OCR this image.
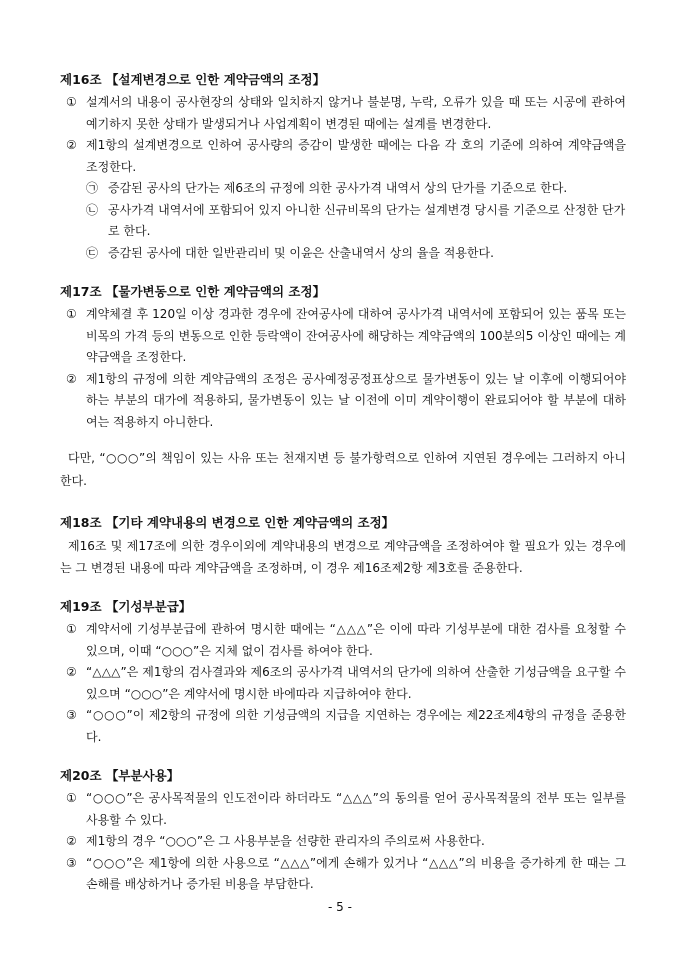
제16조 【설계변경으로 인한 계약금액의 조정】
① 설계서의 내용이 공사현장의 상태와 일치하지 않거나 불분명, 누락, 오류가 있을 때 또는 시공에 관하여 예기하지 못한 상태가 발생되거나 사업계획이 변경된 때에는 설계를 변경한다.
② 제1항의 설계변경으로 인하여 공사량의 증감이 발생한 때에는 다음 각 호의 기준에 의하여 계약금액을 조정한다.
㉠ 증감된 공사의 단가는 제6조의 규정에 의한 공사가격 내역서 상의 단가를 기준으로 한다.
㉡ 공사가격 내역서에 포함되어 있지 아니한 신규비목의 단가는 설계변경 당시를 기준으로 산정한 단가로 한다.
㉢ 증감된 공사에 대한 일반관리비 및 이윤은 산출내역서 상의 율을 적용한다.
제17조 【물가변동으로 인한 계약금액의 조정】
① 계약체결 후 120일 이상 경과한 경우에 잔여공사에 대하여 공사가격 내역서에 포함되어 있는 품목 또는 비목의 가격 등의 변동으로 인한 등락액이 잔여공사에 해당하는 계약금액의 100분의5 이상인 때에는 계약금액을 조정한다.
② 제1항의 규정에 의한 계약금액의 조정은 공사예정공정표상으로 물가변동이 있는 날 이후에 이행되어야 하는 부분의 대가에 적용하되, 물가변동이 있는 날 이전에 이미 계약이행이 완료되어야 할 부분에 대하여는 적용하지 아니한다.
다만, “○○○”의 책임이 있는 사유 또는 천재지변 등 불가항력으로 인하여 지연된 경우에는 그러하지 아니한다.
제18조 【기타 계약내용의 변경으로 인한 계약금액의 조정】
제16조 및 제17조에 의한 경우이외에 계약내용의 변경으로 계약금액을 조정하여야 할 필요가 있는 경우에는 그 변경된 내용에 따라 계약금액을 조정하며, 이 경우 제16조제2항 제3호를 준용한다.
제19조 【기성부분급】
① 계약서에 기성부분급에 관하여 명시한 때에는 “△△△”은 이에 따라 기성부분에 대한 검사를 요청할 수 있으며, 이때 “○○○”은 지체 없이 검사를 하여야 한다.
② “△△△”은 제1항의 검사결과와 제6조의 공사가격 내역서의 단가에 의하여 산출한 기성금액을 요구할 수 있으며 “○○○”은 계약서에 명시한 바에따라 지급하여야 한다.
③ “○○○”이 제2항의 규정에 의한 기성금액의 지급을 지연하는 경우에는 제22조제4항의 규정을 준용한다.
제20조 【부분사용】
① “○○○”은 공사목적물의 인도전이라 하더라도 “△△△”의 동의를 얻어 공사목적물의 전부 또는 일부를 사용할 수 있다.
② 제1항의 경우 “○○○”은 그 사용부분을 선량한 관리자의 주의로써 사용한다.
③ “○○○”은 제1항에 의한 사용으로 “△△△”에게 손해가 있거나 “△△△”의 비용을 증가하게 한 때는 그 손해를 배상하거나 증가된 비용을 부담한다.
- 5 -
